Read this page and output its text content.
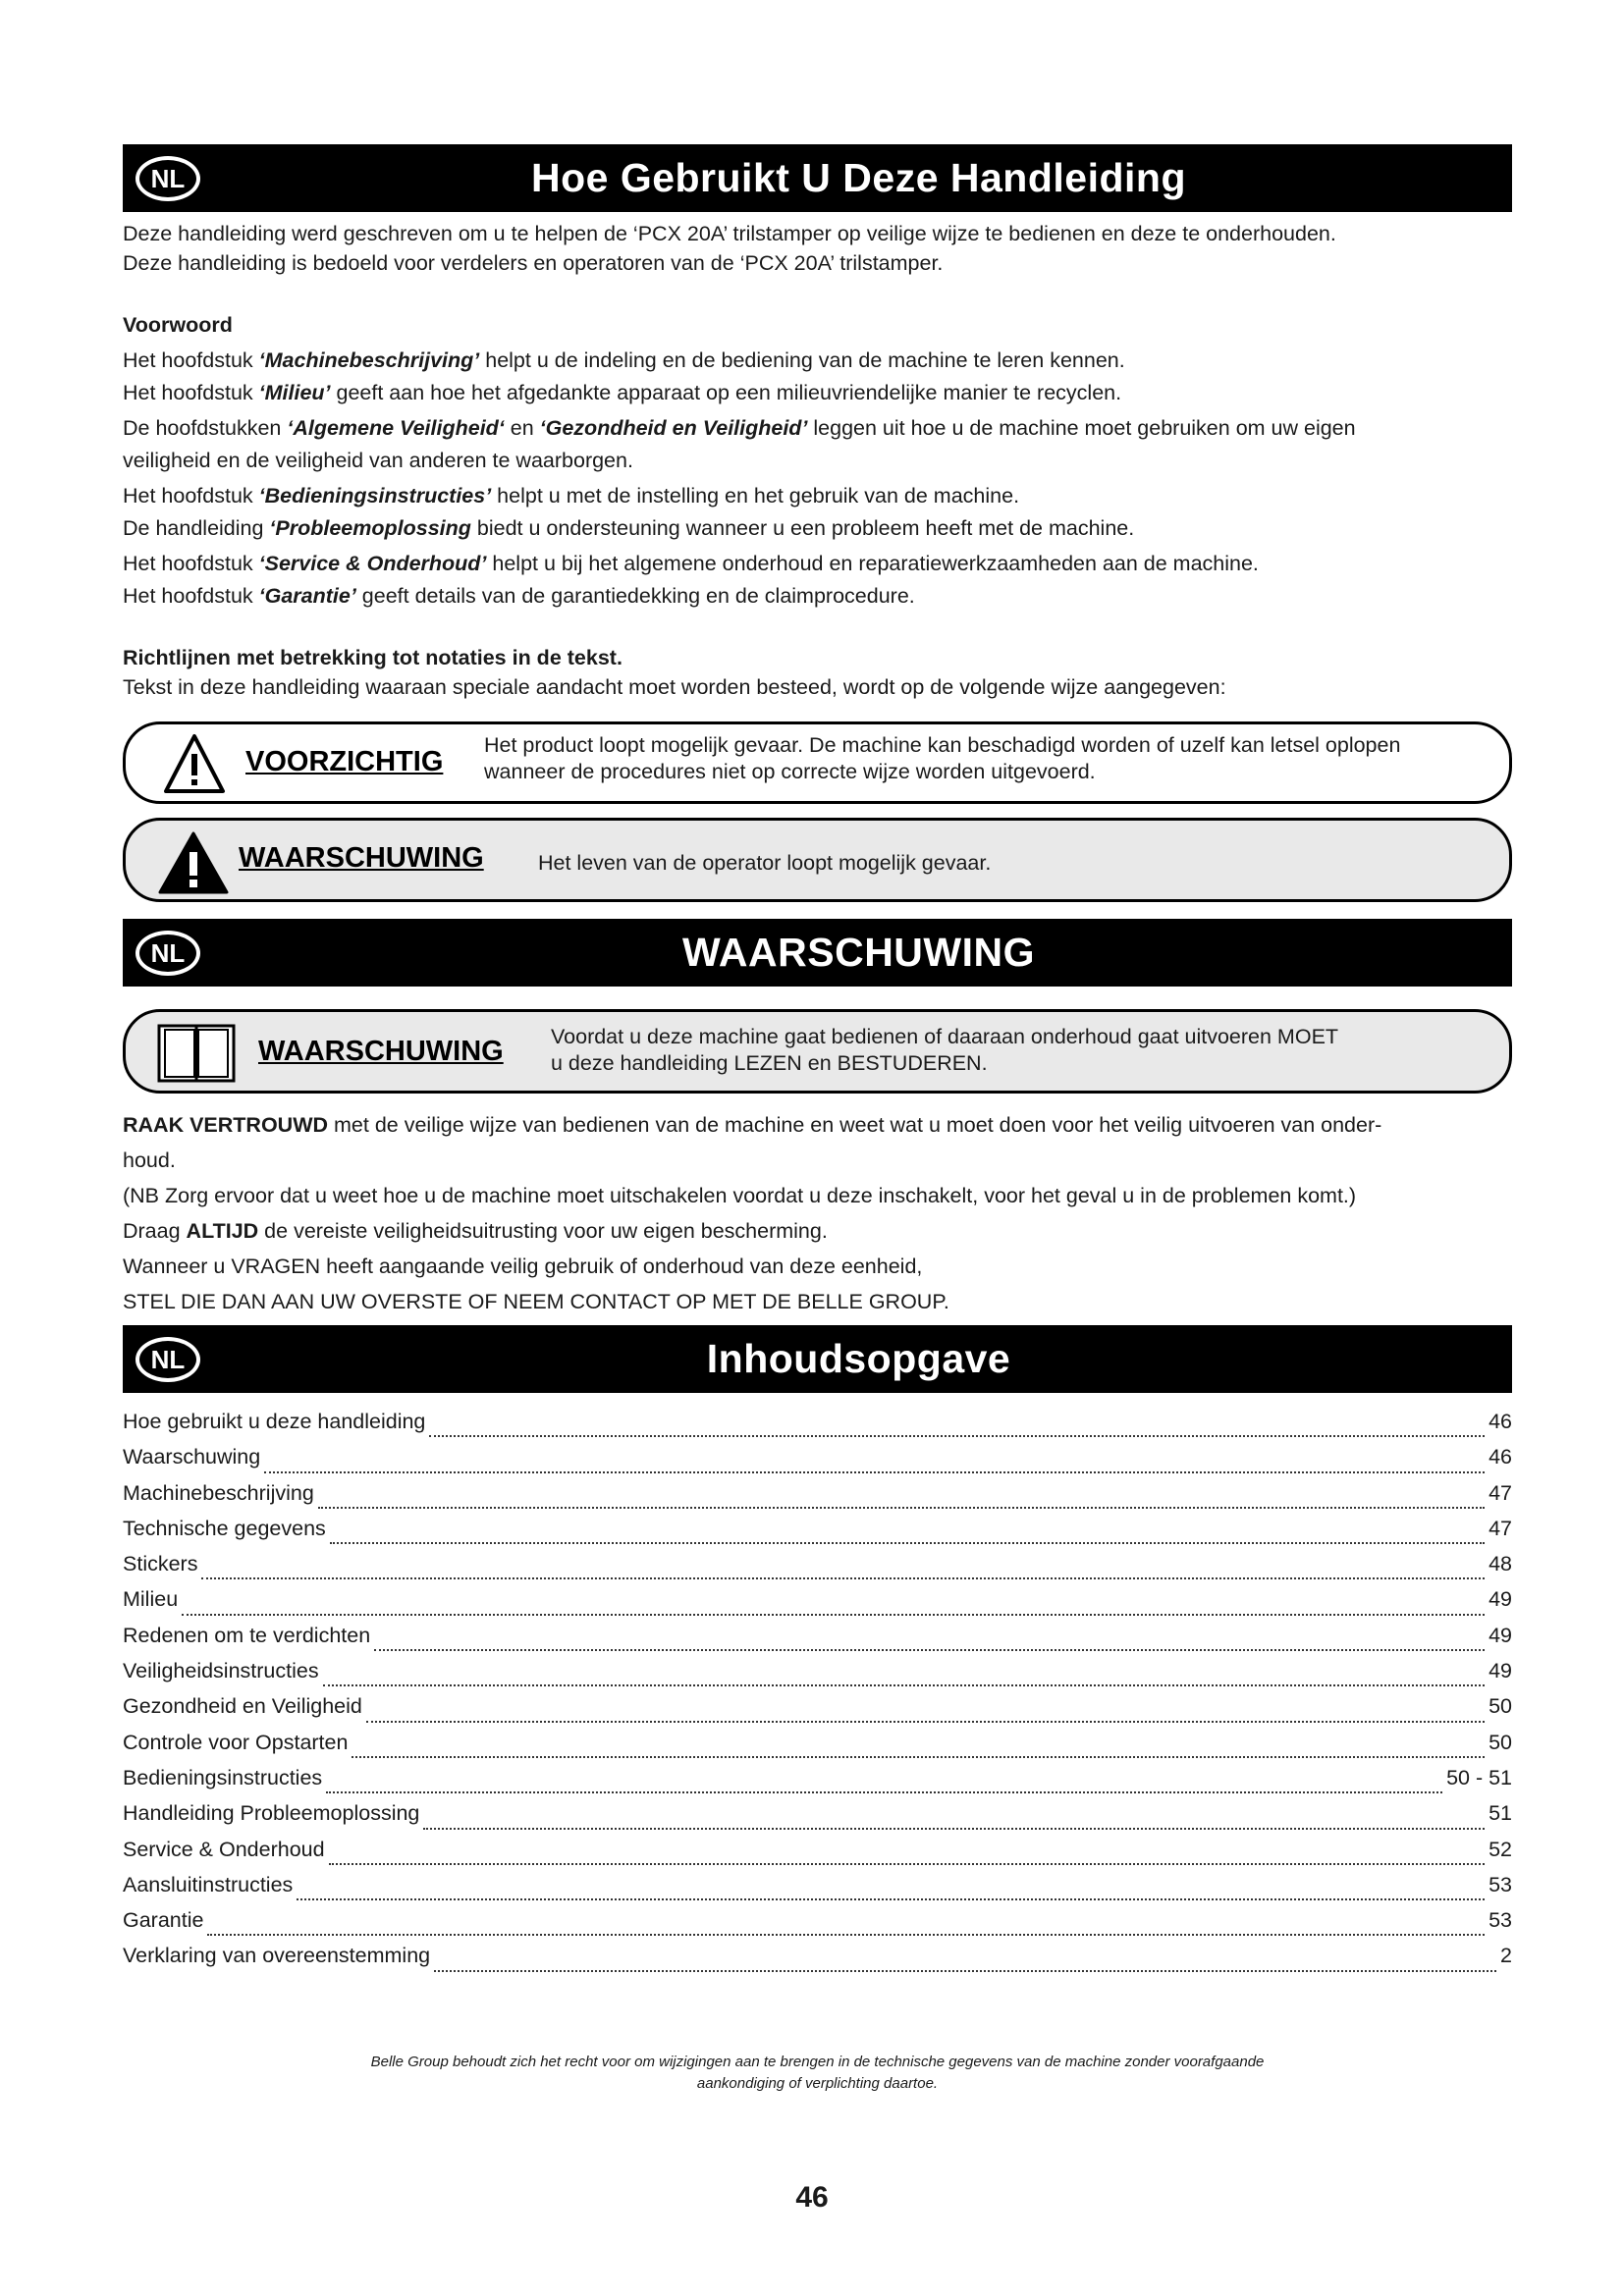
NL	Hoe Gebruikt U Deze Handleiding
Deze handleiding werd geschreven om u te helpen de ‘PCX 20A’ trilstamper op veilige wijze te bedienen en deze te onderhouden.
Deze handleiding is bedoeld voor verdelers en operatoren van de ‘PCX 20A’ trilstamper.
Voorwoord
Het hoofdstuk ‘Machinebeschrijving’ helpt u de indeling en de bediening van de machine te leren kennen.
Het hoofdstuk ‘Milieu’ geeft aan hoe het afgedankte apparaat op een milieuvriendelijke manier te recyclen.
De hoofdstukken ‘Algemene Veiligheid‘ en ‘Gezondheid en Veiligheid’ leggen uit hoe u de machine moet gebruiken om uw eigen
veiligheid en de veiligheid van anderen te waarborgen.
Het hoofdstuk ‘Bedieningsinstructies’ helpt u met de instelling en het gebruik van de machine.
De handleiding ‘Probleemoplossing biedt u ondersteuning wanneer u een probleem heeft met de machine.
Het hoofdstuk ‘Service & Onderhoud’ helpt u bij het algemene onderhoud en reparatiewerkzaamheden aan de machine.
Het hoofdstuk ‘Garantie’ geeft details van de garantiedekking en de claimprocedure.
Richtlijnen met betrekking tot notaties in de tekst.
Tekst in deze handleiding waaraan speciale aandacht moet worden besteed, wordt op de volgende wijze aangegeven:
VOORZICHTIG
Het product loopt mogelijk gevaar. De machine kan beschadigd worden of uzelf kan letsel oplopen
wanneer de procedures niet op correcte wijze worden uitgevoerd.
WAARSCHUWING	Het leven van de operator loopt mogelijk gevaar.
NL	WAARSCHUWING
WAARSCHUWING Voordat u deze machine gaat bedienen of daaraan onderhoud gaat uitvoeren MOET
u deze handleiding LEZEN en BESTUDEREN.
RAAK VERTROUWD met de veilige wijze van bedienen van de machine en weet wat u moet doen voor het veilig uitvoeren van onder-
houd.
(NB Zorg ervoor dat u weet hoe u de machine moet uitschakelen voordat u deze inschakelt, voor het geval u in de problemen komt.)
Draag ALTIJD de vereiste veiligheidsuitrusting voor uw eigen bescherming.
Wanneer u VRAGEN heeft aangaande veilig gebruik of onderhoud van deze eenheid,
STEL DIE DAN AAN UW OVERSTE OF NEEM CONTACT OP MET DE BELLE GROUP.
NL	Inhoudsopgave
Hoe gebruikt u deze handleiding	46
Waarschuwing	46
Machinebeschrijving	47
Technische gegevens	47
Stickers	48
Milieu	49
Redenen om te verdichten	49
Veiligheidsinstructies	49
Gezondheid en Veiligheid	50
Controle voor Opstarten	50
Bedieningsinstructies	50 - 51
Handleiding Probleemoplossing	51
Service & Onderhoud	52
Aansluitinstructies	53
Garantie	53
Verklaring van overeenstemming	2
Belle Group behoudt zich het recht voor om wijzigingen aan te brengen in de technische gegevens van de machine zonder voorafgaande
aankondiging of verplichting daartoe.
46
